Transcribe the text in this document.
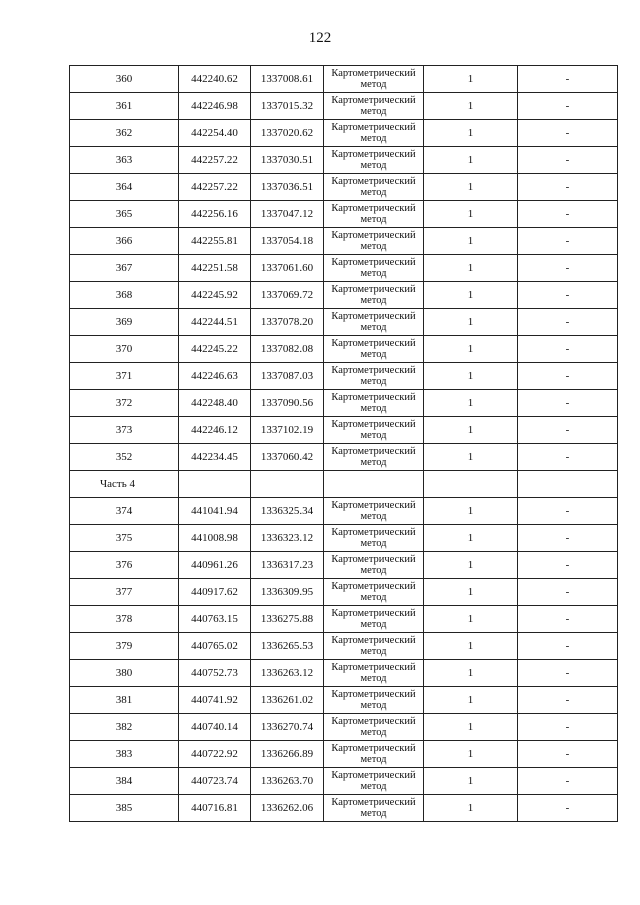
122
360	442240.62	1337008.61	Картометрический метод	1	-
361	442246.98	1337015.32	Картометрический метод	1	-
362	442254.40	1337020.62	Картометрический метод	1	-
363	442257.22	1337030.51	Картометрический метод	1	-
364	442257.22	1337036.51	Картометрический метод	1	-
365	442256.16	1337047.12	Картометрический метод	1	-
366	442255.81	1337054.18	Картометрический метод	1	-
367	442251.58	1337061.60	Картометрический метод	1	-
368	442245.92	1337069.72	Картометрический метод	1	-
369	442244.51	1337078.20	Картометрический метод	1	-
370	442245.22	1337082.08	Картометрический метод	1	-
371	442246.63	1337087.03	Картометрический метод	1	-
372	442248.40	1337090.56	Картометрический метод	1	-
373	442246.12	1337102.19	Картометрический метод	1	-
352	442234.45	1337060.42	Картометрический метод	1	-
Часть 4					
374	441041.94	1336325.34	Картометрический метод	1	-
375	441008.98	1336323.12	Картометрический метод	1	-
376	440961.26	1336317.23	Картометрический метод	1	-
377	440917.62	1336309.95	Картометрический метод	1	-
378	440763.15	1336275.88	Картометрический метод	1	-
379	440765.02	1336265.53	Картометрический метод	1	-
380	440752.73	1336263.12	Картометрический метод	1	-
381	440741.92	1336261.02	Картометрический метод	1	-
382	440740.14	1336270.74	Картометрический метод	1	-
383	440722.92	1336266.89	Картометрический метод	1	-
384	440723.74	1336263.70	Картометрический метод	1	-
385	440716.81	1336262.06	Картометрический метод	1	-
